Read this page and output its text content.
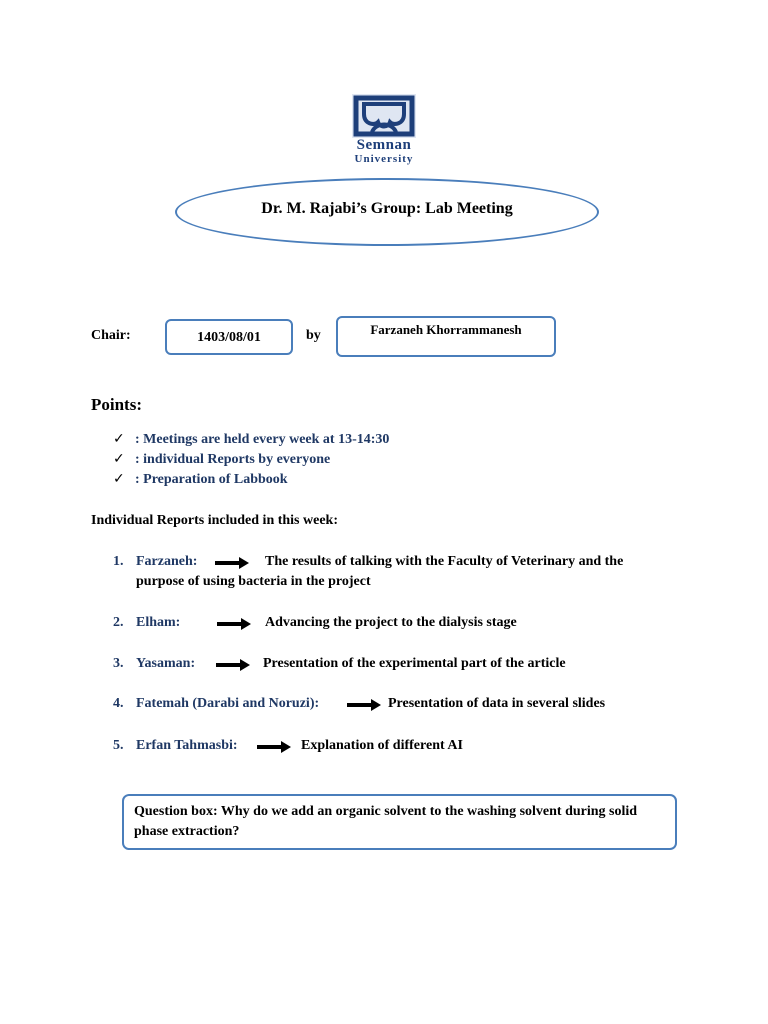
Semnan
University
Dr. M. Rajabi’s Group: Lab Meeting
Chair:	1403/08/01	by	Farzaneh Khorrammanesh
Points:
✓ : Meetings are held every week at 13-14:30
✓ : individual Reports by everyone
✓ : Preparation of Labbook
Individual Reports included in this week:
1. Farzaneh:	The results of talking with the Faculty of Veterinary and the
purpose of using bacteria in the project
2. Elham:	Advancing the project to the dialysis stage
3. Yasaman:	Presentation of the experimental part of the article
4. Fatemah (Darabi and Noruzi):	Presentation of data in several slides
5. Erfan Tahmasbi:	Explanation of different AI
Question box: Why do we add an organic solvent to the washing solvent during solid phase extraction?
